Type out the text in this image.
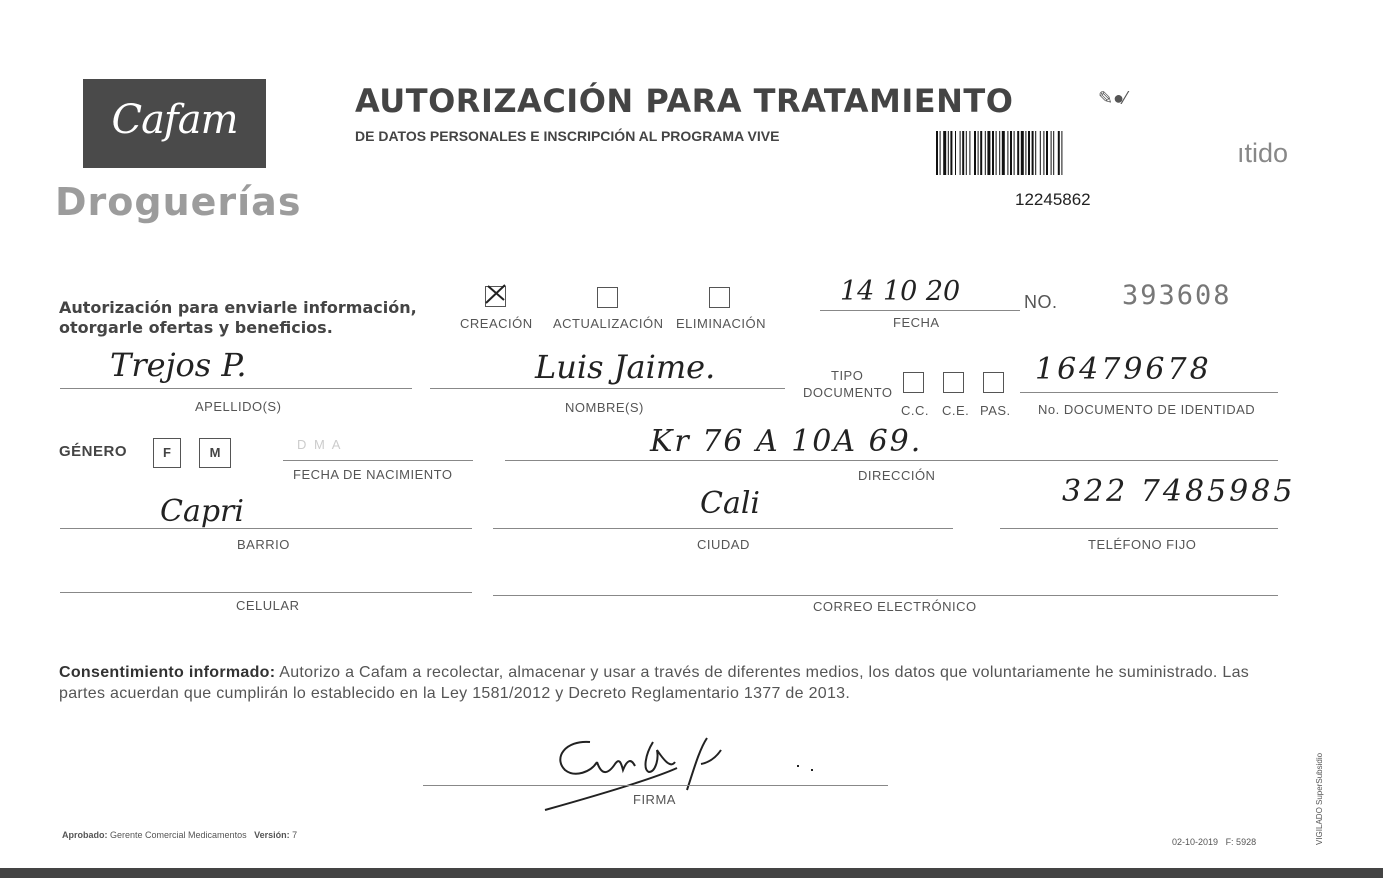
Cafam
Droguerías
AUTORIZACIÓN PARA TRATAMIENTO
DE DATOS PERSONALES E INSCRIPCIÓN AL PROGRAMA VIVE
✎●⁄
12245862
ıtido
Autorización para enviarle información,
otorgarle ofertas y beneficios.	CREACIÓN ACTUALIZACIÓN ELIMINACIÓN
14 10 20
FECHA
NO. 393608
Trejos P.
APELLIDO(S)
Luis Jaime.
NOMBRE(S)
TIPO
DOCUMENTO
C.C. C.E. PAS.
16479678
No. DOCUMENTO DE IDENTIDAD
GÉNERO	F	M
D M A
FECHA DE NACIMIENTO
Kr 76 A 10A 69.
DIRECCIÓN
Capri
BARRIO
Cali
CIUDAD
322 7485985
TELÉFONO FIJO
CELULAR	CORREO ELECTRÓNICO
Consentimiento informado: Autorizo a Cafam a recolectar, almacenar y usar a través de diferentes medios, los datos que voluntariamente he suministrado. Las partes acuerdan que cumplirán lo establecido en la Ley 1581/2012 y Decreto Reglamentario 1377 de 2013.
FIRMA
Aprobado: Gerente Comercial Medicamentos Versión: 7
02-10-2019 F: 5928	VIGILADO SuperSubsidio
